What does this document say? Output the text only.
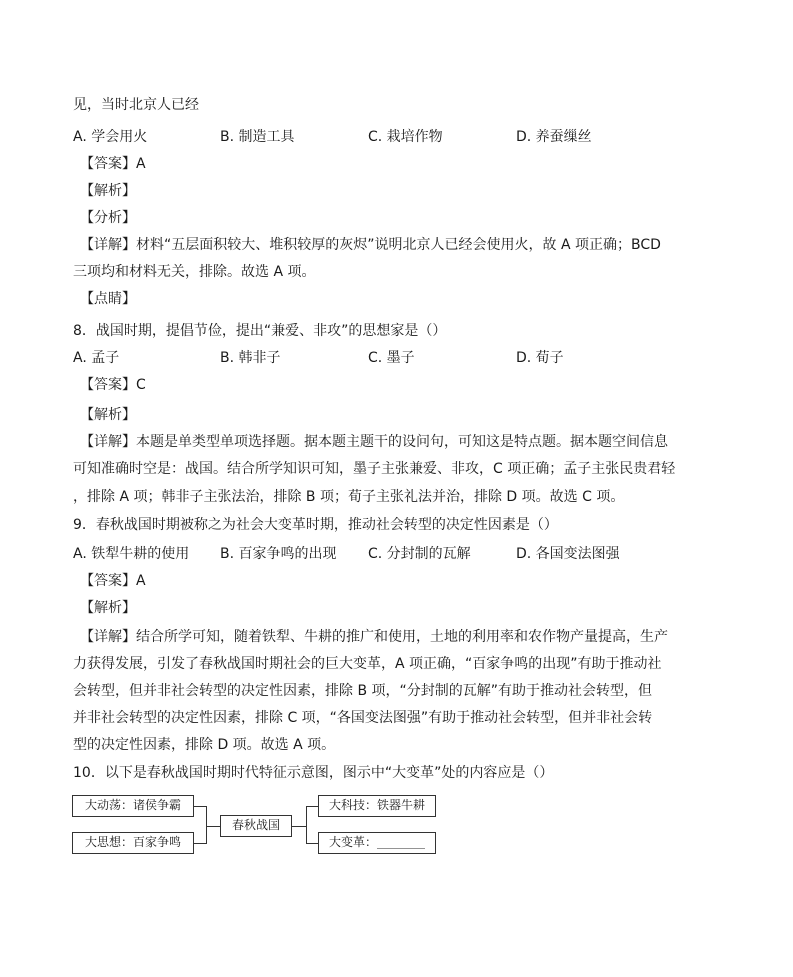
见，当时北京人已经
A. 学会用火	B. 制造工具	C. 栽培作物	D. 养蚕缫丝
【答案】A
【解析】
【分析】
【详解】材料“五层面积较大、堆积较厚的灰烬”说明北京人已经会使用火，故 A 项正确；BCD
三项均和材料无关，排除。故选 A 项。
【点睛】
8．战国时期，提倡节俭，提出“兼爱、非攻”的思想家是（）
A. 孟子	B. 韩非子	C. 墨子	D. 荀子
【答案】C
【解析】
【详解】本题是单类型单项选择题。据本题主题干的设问句，可知这是特点题。据本题空间信息
可知准确时空是：战国。结合所学知识可知，墨子主张兼爱、非攻，C 项正确；孟子主张民贵君轻
，排除 A 项；韩非子主张法治，排除 B 项；荀子主张礼法并治，排除 D 项。故选 C 项。
9．春秋战国时期被称之为社会大变革时期，推动社会转型的决定性因素是（）
A. 铁犁牛耕的使用 B. 百家争鸣的出现 C. 分封制的瓦解	D. 各国变法图强
【答案】A
【解析】
【详解】结合所学可知，随着铁犁、牛耕的推广和使用，土地的利用率和农作物产量提高，生产
力获得发展，引发了春秋战国时期社会的巨大变革，A 项正确，“百家争鸣的出现”有助于推动社
会转型，但并非社会转型的决定性因素，排除 B 项，“分封制的瓦解”有助于推动社会转型，但
并非社会转型的决定性因素，排除 C 项，“各国变法图强”有助于推动社会转型，但并非社会转
型的决定性因素，排除 D 项。故选 A 项。
10．以下是春秋战国时期时代特征示意图，图示中“大变革”处的内容应是（）
大动荡：诸侯争霸
大思想：百家争鸣
春秋战国
大科技：铁器牛耕
大变革：________
